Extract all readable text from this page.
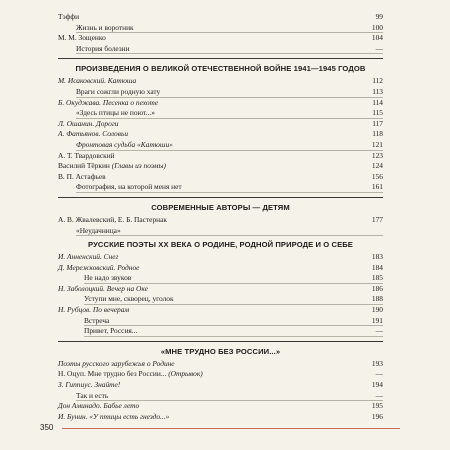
Тэффи	99
Жизнь и воротник	100
М. М. Зощенко	104
История болезни	—
ПРОИЗВЕДЕНИЯ О ВЕЛИКОЙ ОТЕЧЕСТВЕННОЙ ВОЙНЕ 1941—1945 ГОДОВ
М. Исаковский. Катюша	112
Враги сожгли родную хату	113
Б. Окуджава. Песенка о пехоте	114
«Здесь птицы не поют...»	115
Л. Ошанин. Дороги	117
А. Фатьянов. Соловьи	118
Фронтовая судьба «Катюши»	121
А. Т. Твардовский	123
Василий Тёркин (Главы из поэмы)	124
В. П. Астафьев	156
Фотография, на которой меня нет	161
СОВРЕМЕННЫЕ АВТОРЫ — ДЕТЯМ
А. В. Жвалевский, Е. Б. Пастернак	177
«Неудачница»
РУССКИЕ ПОЭТЫ XX ВЕКА О РОДИНЕ, РОДНОЙ ПРИРОДЕ И О СЕБЕ
И. Анненский. Снег	183
Д. Мережковский. Родное	184
Не надо звуков	185
Н. Заболоцкий. Вечер на Оке	186
Уступи мне, скворец, уголок	188
Н. Рубцов. По вечерам	190
Встреча	191
Привет, Россия...	—
«МНЕ ТРУДНО БЕЗ РОССИИ...»
Поэты русского зарубежья о Родине	193
Н. Оцуп. Мне трудно без России... (Отрывок)	—
З. Гиппиус. Знайте!	194
Так и есть	—
Дон Аминадо. Бабье лето	195
И. Бунин. «У птицы есть гнездо...»	196
350
